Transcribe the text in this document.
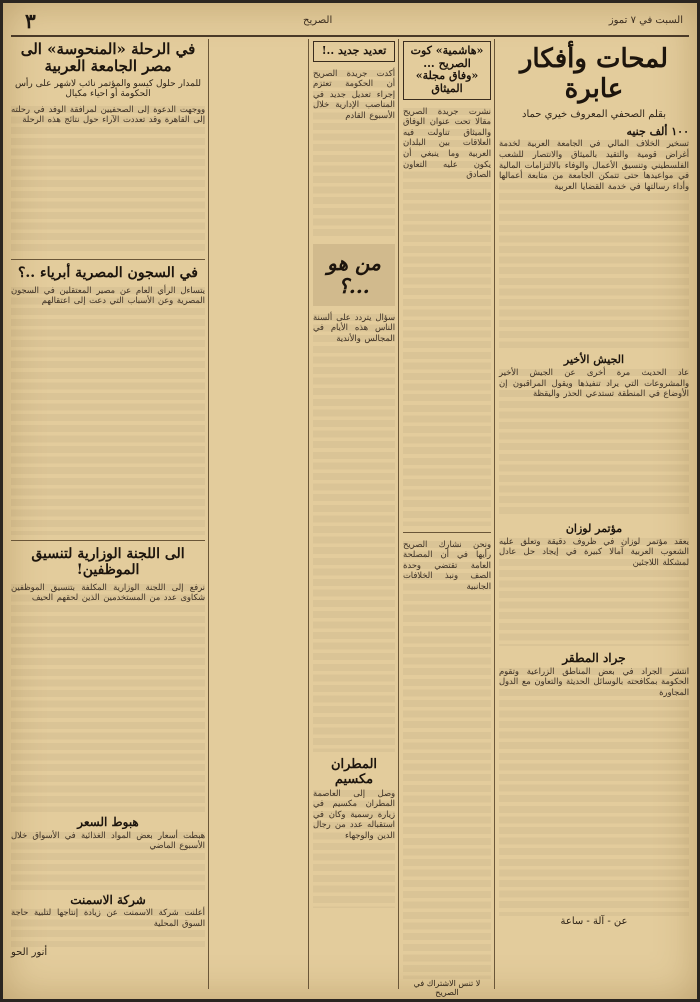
٣	الصريح	السبت في ٧ تموز
لمحات وأفكار عابرة
بقلم الصحفي المعروف خيري حماد
١٠٠ ألف جنيه
تسخير الخلاف المالي في الجامعة العربية لخدمة أغراض قومية والتقيد بالميثاق والانتصار للشعب الفلسطيني وتنسيق الأعمال والوفاء بالالتزامات المالية في مواعيدها حتى تتمكن الجامعة من متابعة أعمالها وأداء رسالتها في خدمة القضايا العربية
الجيش الأخير
عاد الحديث مرة أخرى عن الجيش الأخير والمشروعات التي يراد تنفيذها ويقول المراقبون إن الأوضاع في المنطقة تستدعي الحذر واليقظة
مؤتمر لوزان
يعقد مؤتمر لوزان في ظروف دقيقة وتعلق عليه الشعوب العربية آمالا كبيرة في إيجاد حل عادل لمشكلة اللاجئين
جراد المطقر
انتشر الجراد في بعض المناطق الزراعية وتقوم الحكومة بمكافحته بالوسائل الحديثة والتعاون مع الدول المجاورة
عن - آلة - ساعة
«هاشمية» كوت الصريح ... «وفاق مجلة» الميثاق
نشرت جريدة الصريح مقالا تحت عنوان الوفاق والميثاق تناولت فيه العلاقات بين البلدان العربية وما ينبغي أن يكون عليه التعاون الصادق
ونحن نشارك الصريح رأيها في أن المصلحة العامة تقتضي وحدة الصف ونبذ الخلافات الجانبية
لا تنس الاشتراك في الصريح
تعديد جديد ..!
أكدت جريدة الصريح أن الحكومة تعتزم إجراء تعديل جديد في المناصب الإدارية خلال الأسبوع القادم
من هو ...؟
سؤال يتردد على ألسنة الناس هذه الأيام في المجالس والأندية
المطران مكسيم
وصل إلى العاصمة المطران مكسيم في زيارة رسمية وكان في استقباله عدد من رجال الدين والوجهاء
في الرحلة «المنحوسة» الى مصر الجامعة العربية
للمدار حلول كيسو والمؤتمر نائب لاشهر على رأس الحكومة أو احياء مكيال
ووجهت الدعوة إلى الصحفيين لمرافقة الوفد في رحلته إلى القاهرة وقد تعددت الآراء حول نتائج هذه الرحلة
في السجون المصرية أبرياء ..؟
يتساءل الرأي العام عن مصير المعتقلين في السجون المصرية وعن الأسباب التي دعت إلى اعتقالهم
الى اللجنة الوزارية لتنسيق الموظفين!
نرفع إلى اللجنة الوزارية المكلفة بتنسيق الموظفين شكاوى عدد من المستخدمين الذين لحقهم الحيف
هبوط السعر
هبطت أسعار بعض المواد الغذائية في الأسواق خلال الأسبوع الماضي
شركة الاسمنت
أعلنت شركة الاسمنت عن زيادة إنتاجها لتلبية حاجة السوق المحلية
أنور الحو
